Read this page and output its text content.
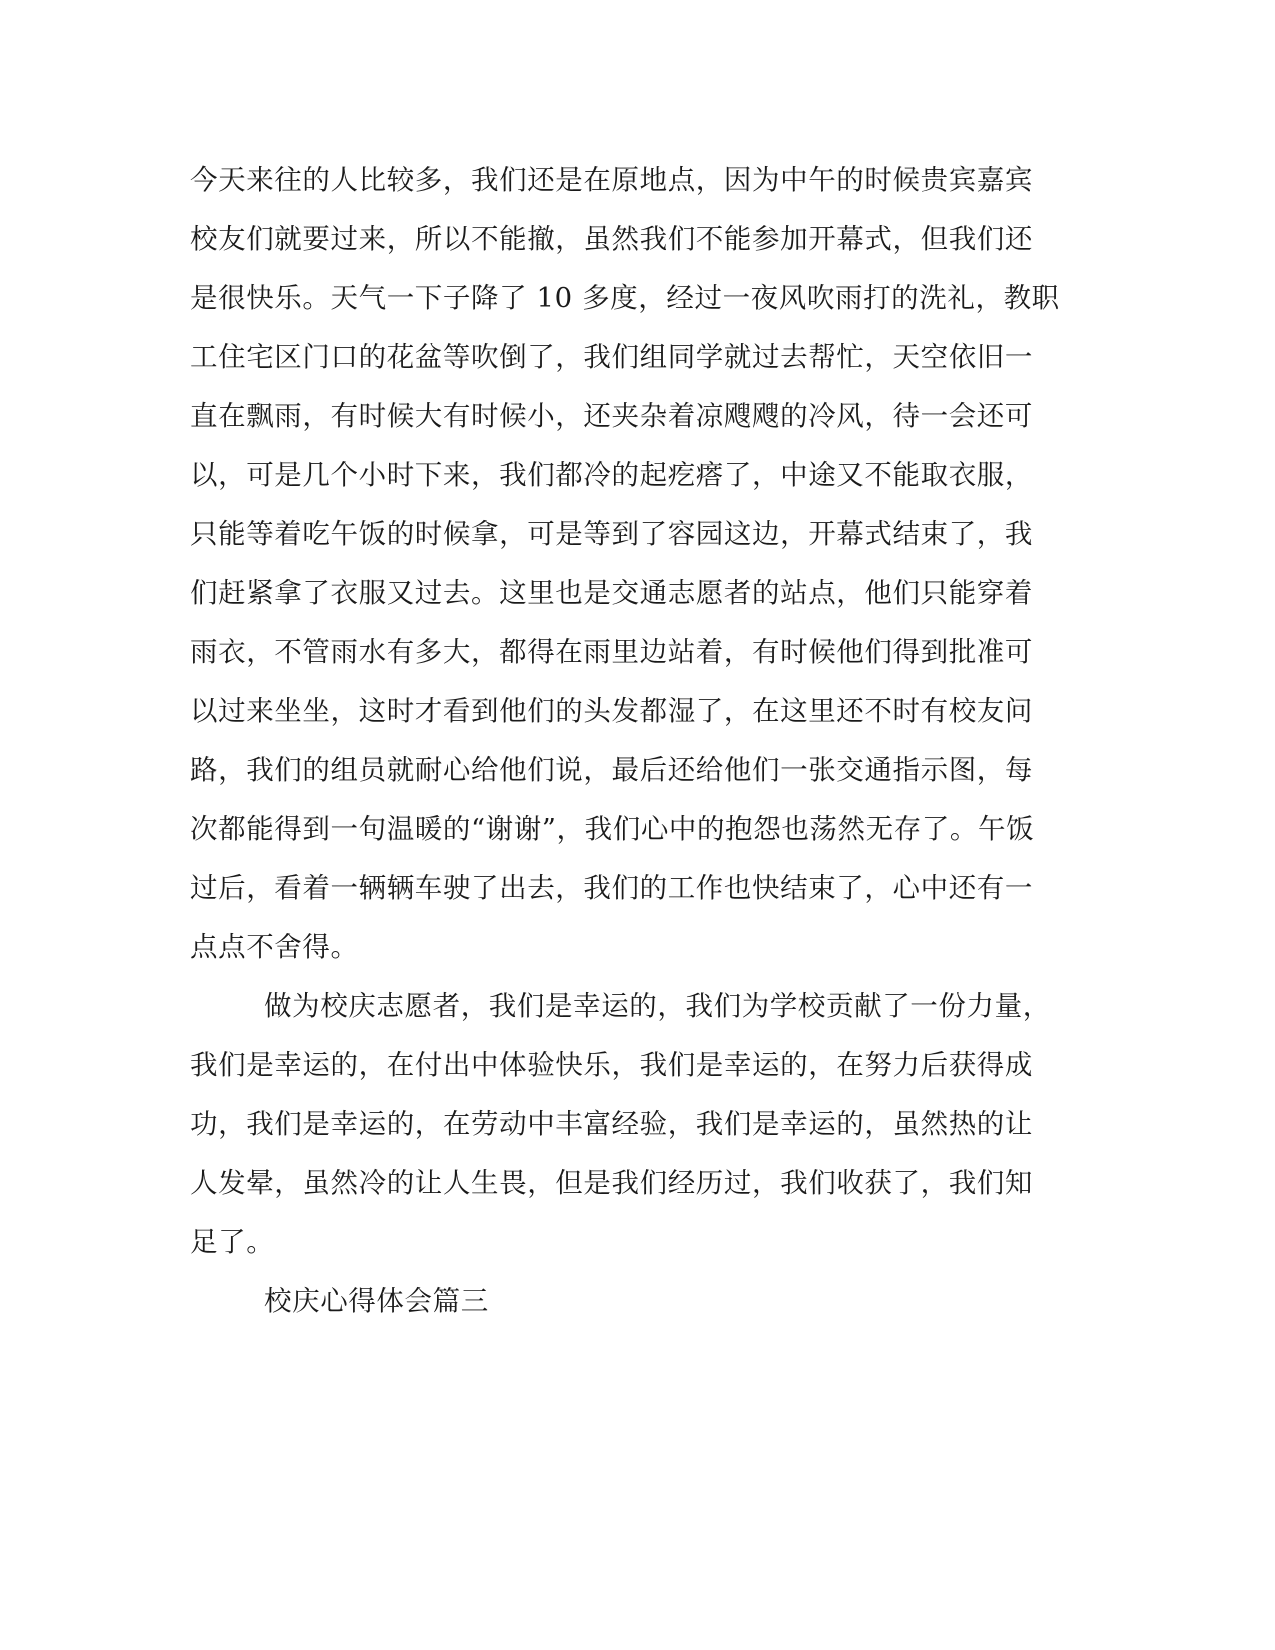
今天来往的人比较多，我们还是在原地点，因为中午的时候贵宾嘉宾
校友们就要过来，所以不能撤，虽然我们不能参加开幕式，但我们还
是很快乐。天气一下子降了 10 多度，经过一夜风吹雨打的洗礼，教职
工住宅区门口的花盆等吹倒了，我们组同学就过去帮忙，天空依旧一
直在飘雨，有时候大有时候小，还夹杂着凉飕飕的冷风，待一会还可
以，可是几个小时下来，我们都冷的起疙瘩了，中途又不能取衣服，
只能等着吃午饭的时候拿，可是等到了容园这边，开幕式结束了，我
们赶紧拿了衣服又过去。这里也是交通志愿者的站点，他们只能穿着
雨衣，不管雨水有多大，都得在雨里边站着，有时候他们得到批准可
以过来坐坐，这时才看到他们的头发都湿了，在这里还不时有校友问
路，我们的组员就耐心给他们说，最后还给他们一张交通指示图，每
次都能得到一句温暖的“谢谢”，我们心中的抱怨也荡然无存了。午饭
过后，看着一辆辆车驶了出去，我们的工作也快结束了，心中还有一
点点不舍得。
做为校庆志愿者，我们是幸运的，我们为学校贡献了一份力量，
我们是幸运的，在付出中体验快乐，我们是幸运的，在努力后获得成
功，我们是幸运的，在劳动中丰富经验，我们是幸运的，虽然热的让
人发晕，虽然冷的让人生畏，但是我们经历过，我们收获了，我们知
足了。
校庆心得体会篇三
